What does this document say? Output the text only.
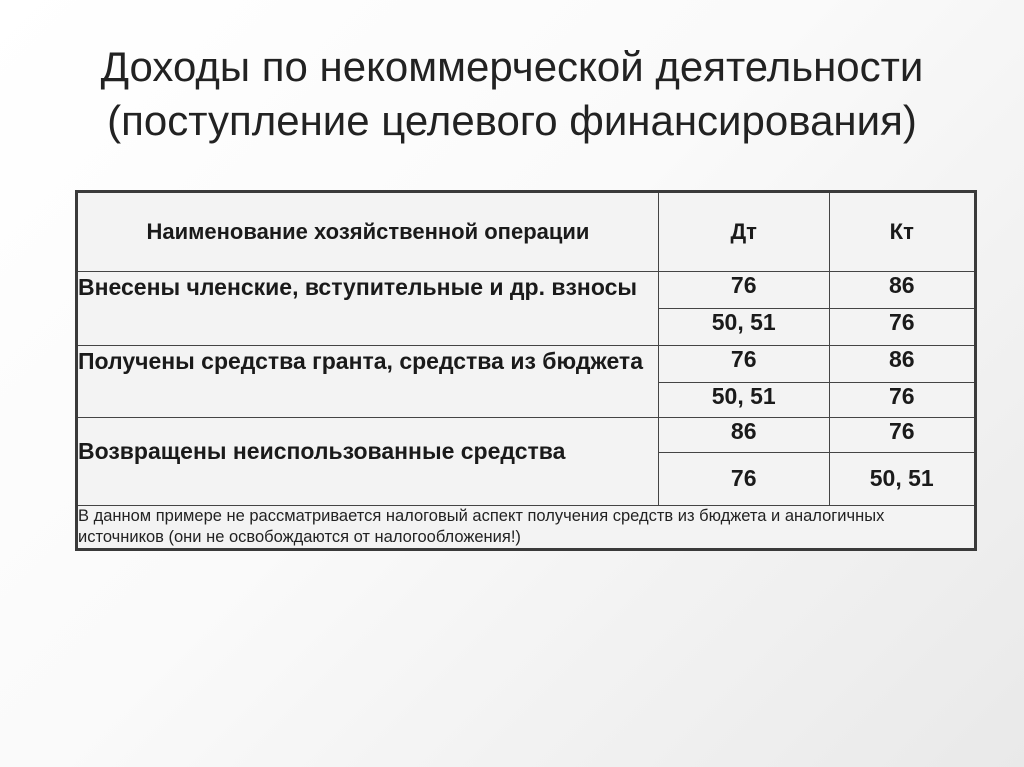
Доходы по некоммерческой деятельности
(поступление целевого финансирования)
Наименование хозяйственной операции	Дт	Кт
Внесены членские, вступительные и др. взносы	76	86
	50, 51	76
Получены средства гранта, средства из бюджета	76	86
	50, 51	76
Возвращены неиспользованные средства	86	76
	76	50, 51
В данном примере не рассматривается налоговый аспект получения средств из бюджета и аналогичных источников (они не освобождаются от налогообложения!)		
